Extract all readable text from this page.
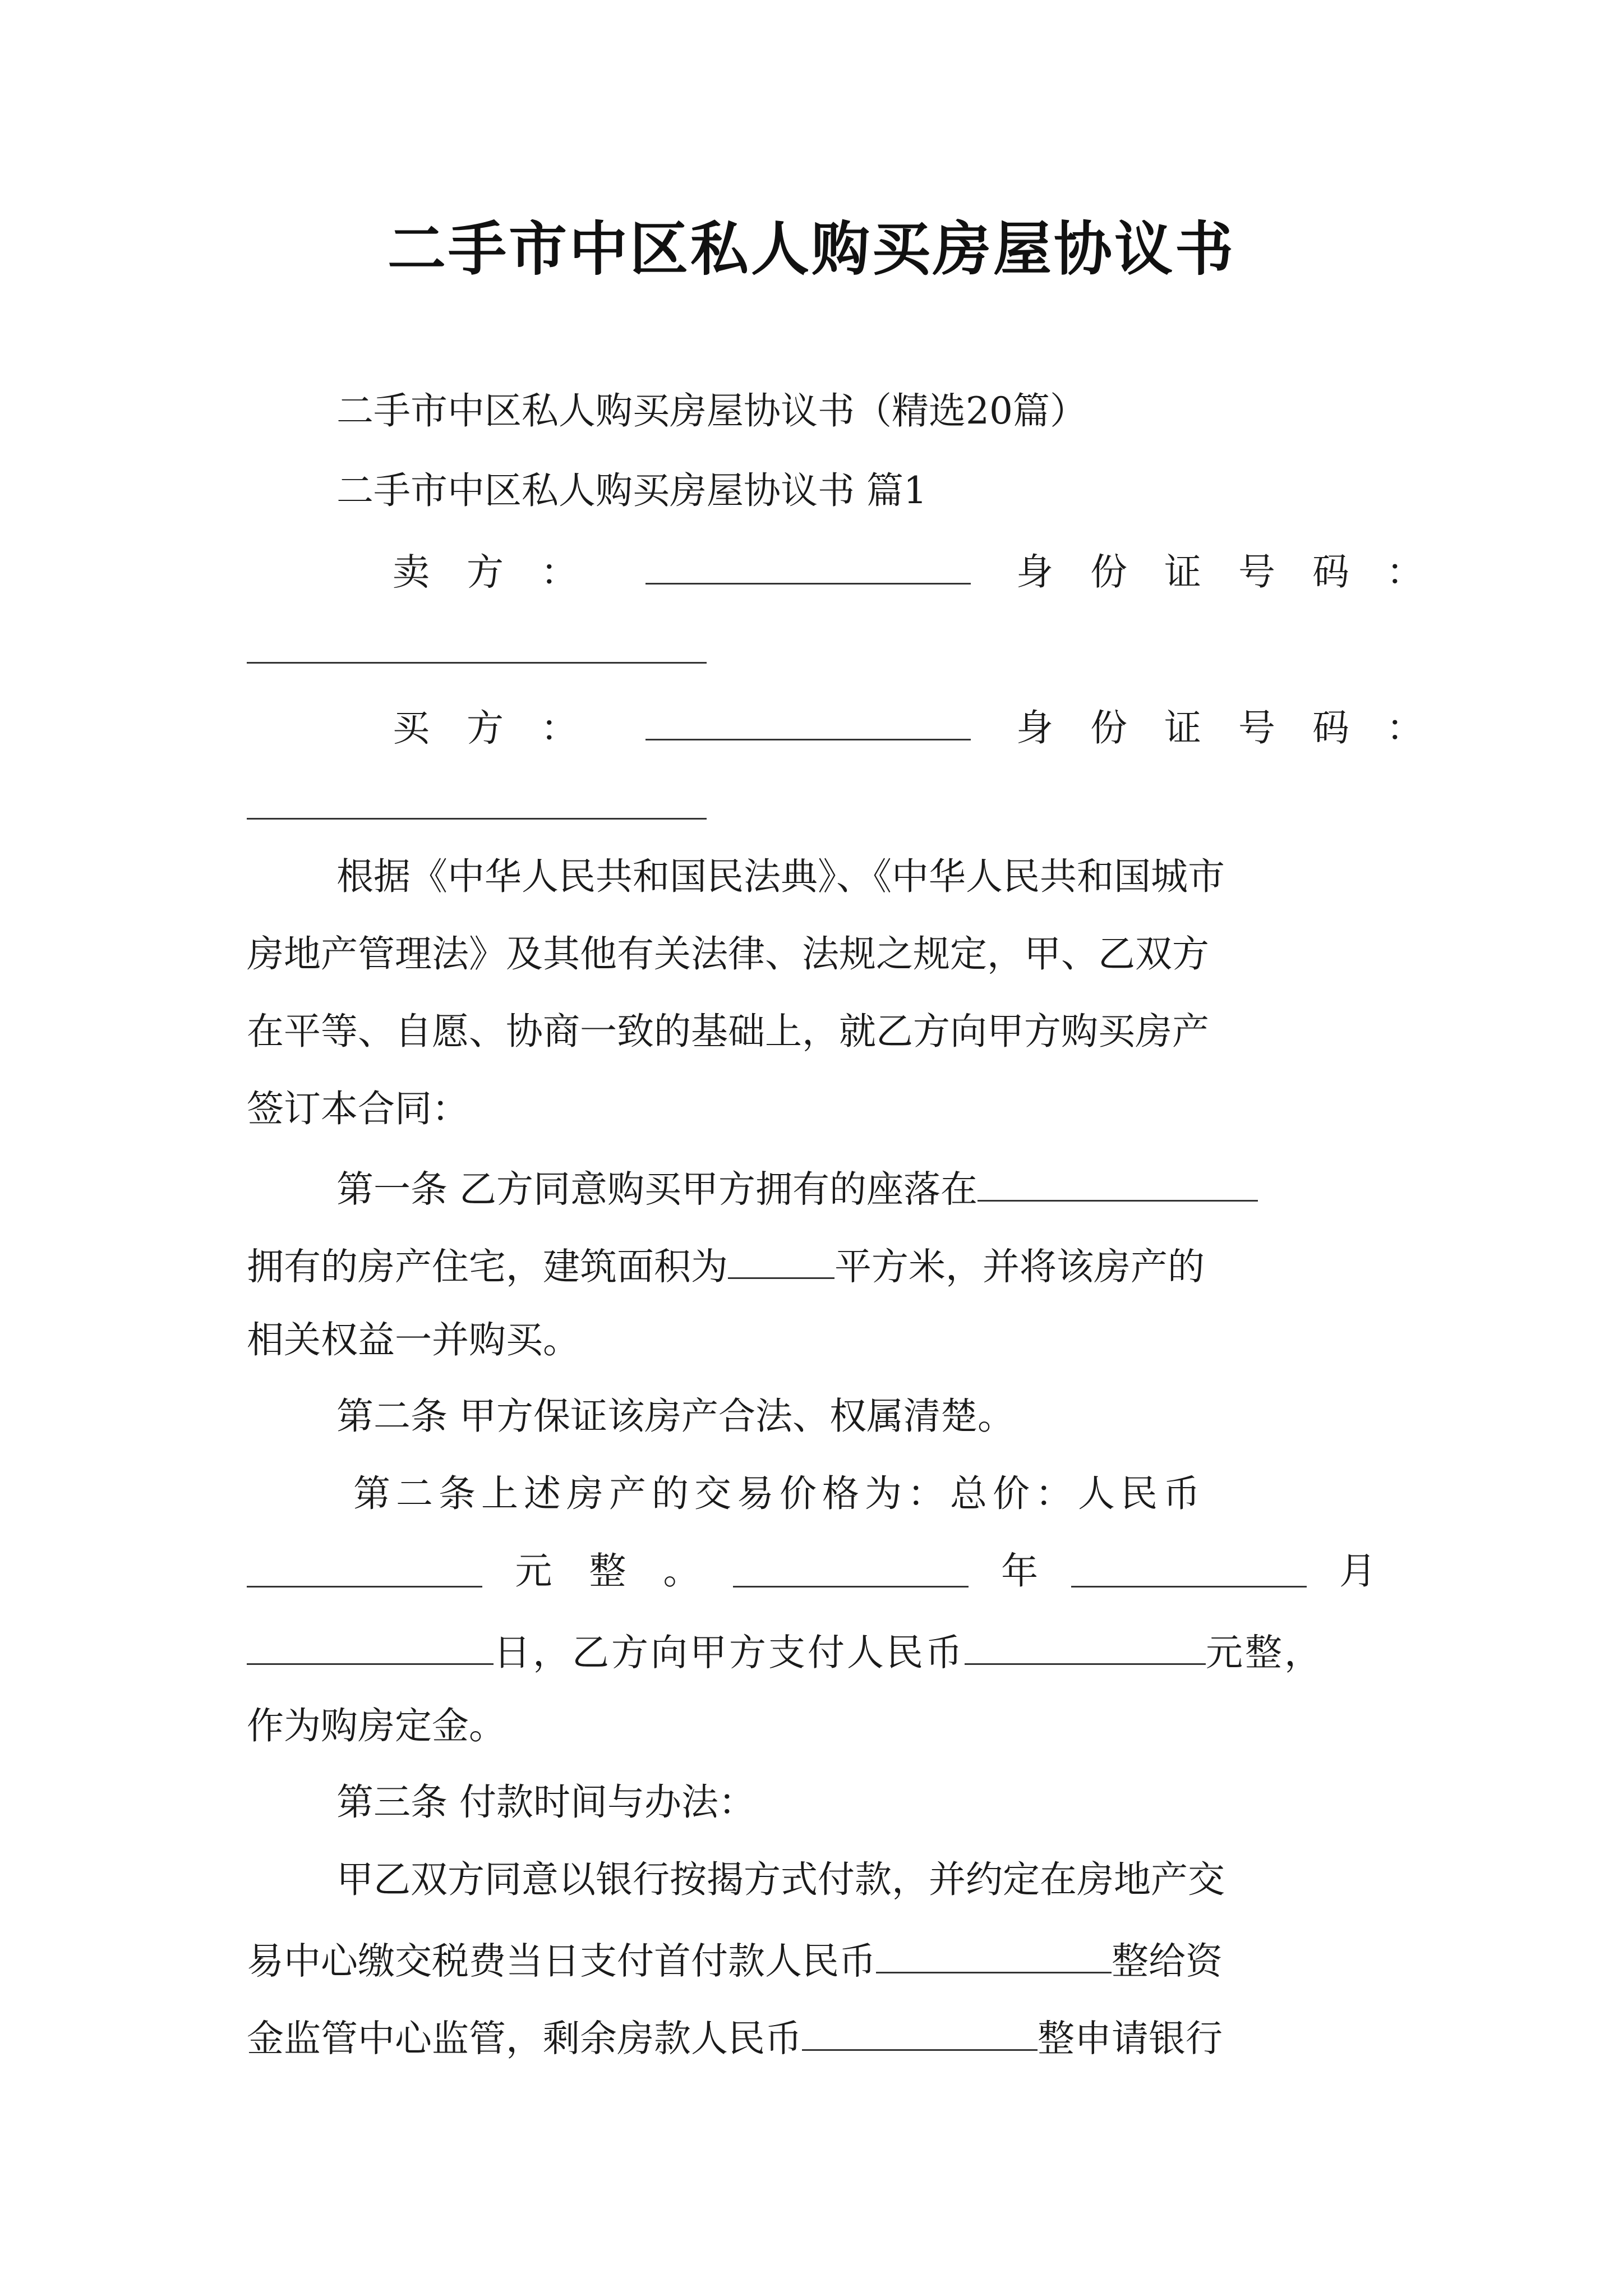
二手市中区私人购买房屋协议书
二手市中区私人购买房屋协议书（精选20篇）
二手市中区私人购买房屋协议书 篇1
卖　方　：	身　份　证　号　码　：
买　方　：	身　份　证　号　码　：
根据《中华人民共和国民法典》、《中华人民共和国城市
房地产管理法》及其他有关法律、法规之规定，甲、乙双方
在平等、自愿、协商一致的基础上，就乙方向甲方购买房产
签订本合同：
第一条 乙方同意购买甲方拥有的座落在
拥有的房产住宅，建筑面积为	平方米，并将该房产的
相关权益一并购买。
第二条 甲方保证该房产合法、权属清楚。
第二条上述房产的交易价格为：总价：人民币
元　整　。	年	月
日，乙方向甲方支付人民币	元整，
作为购房定金。
第三条 付款时间与办法：
甲乙双方同意以银行按揭方式付款，并约定在房地产交
易中心缴交税费当日支付首付款人民币	整给资
金监管中心监管，剩余房款人民币	整申请银行
